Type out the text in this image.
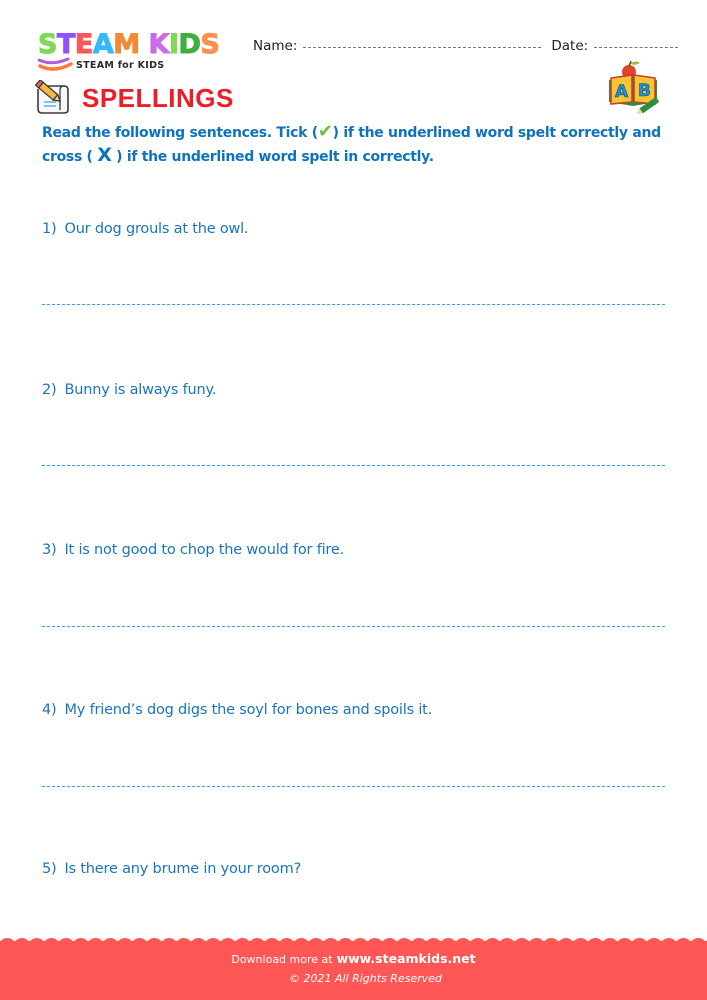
STEAM KIDS
STEAM for KIDS
Name:	Date:
SPELLINGS	A B
Read the following sentences. Tick (✔) if the underlined word spelt correctly and cross ( X ) if the underlined word spelt in correctly.
1) Our dog grouls at the owl.
2) Bunny is always funy.
3) It is not good to chop the would for fire.
4) My friend’s dog digs the soyl for bones and spoils it.
5) Is there any brume in your room?
Download more at www.steamkids.net
© 2021 All Rights Reserved
